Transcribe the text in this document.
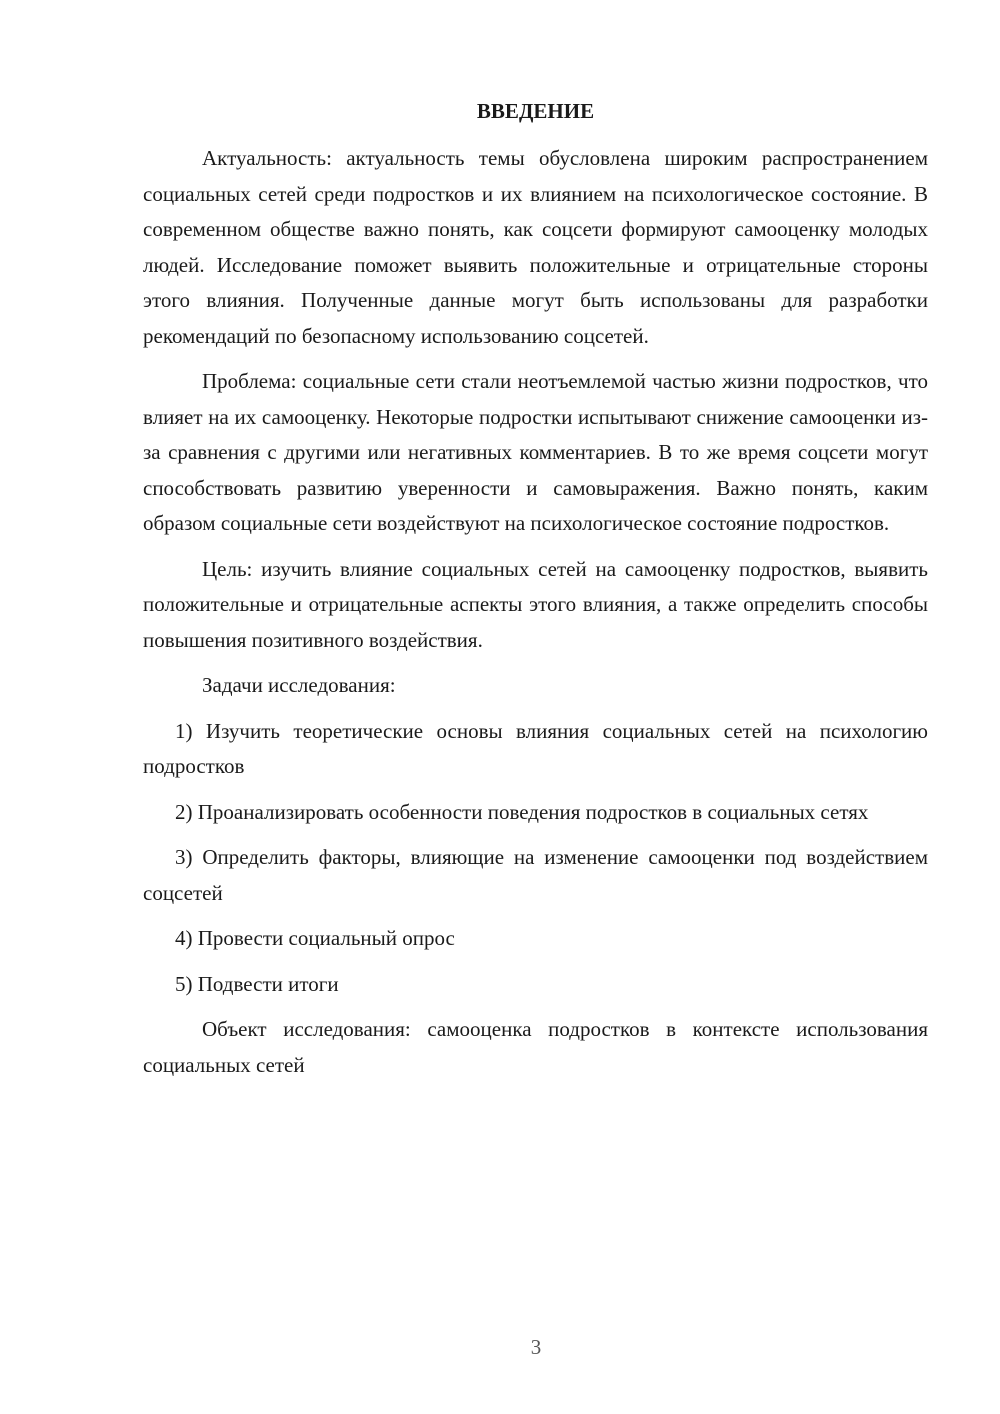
ВВЕДЕНИЕ

Актуальность: актуальность темы обусловлена широким распространением социальных сетей среди подростков и их влиянием на психологическое состояние. В современном обществе важно понять, как соцсети формируют самооценку молодых людей. Исследование поможет выявить положительные и отрицательные стороны этого влияния. Полученные данные могут быть использованы для разработки рекомендаций по безопасному использованию соцсетей.

Проблема: социальные сети стали неотъемлемой частью жизни подростков, что влияет на их самооценку. Некоторые подростки испытывают снижение самооценки из-за сравнения с другими или негативных комментариев. В то же время соцсети могут способствовать развитию уверенности и самовыражения. Важно понять, каким образом социальные сети воздействуют на психологическое состояние подростков.

Цель: изучить влияние социальных сетей на самооценку подростков, выявить положительные и отрицательные аспекты этого влияния, а также определить способы повышения позитивного воздействия.

Задачи исследования:

1) Изучить теоретические основы влияния социальных сетей на психологию подростков

2) Проанализировать особенности поведения подростков в социальных сетях

3) Определить факторы, влияющие на изменение самооценки под воздействием соцсетей

4) Провести социальный опрос

5) Подвести итоги

Объект исследования: самооценка подростков в контексте использования социальных сетей

3
